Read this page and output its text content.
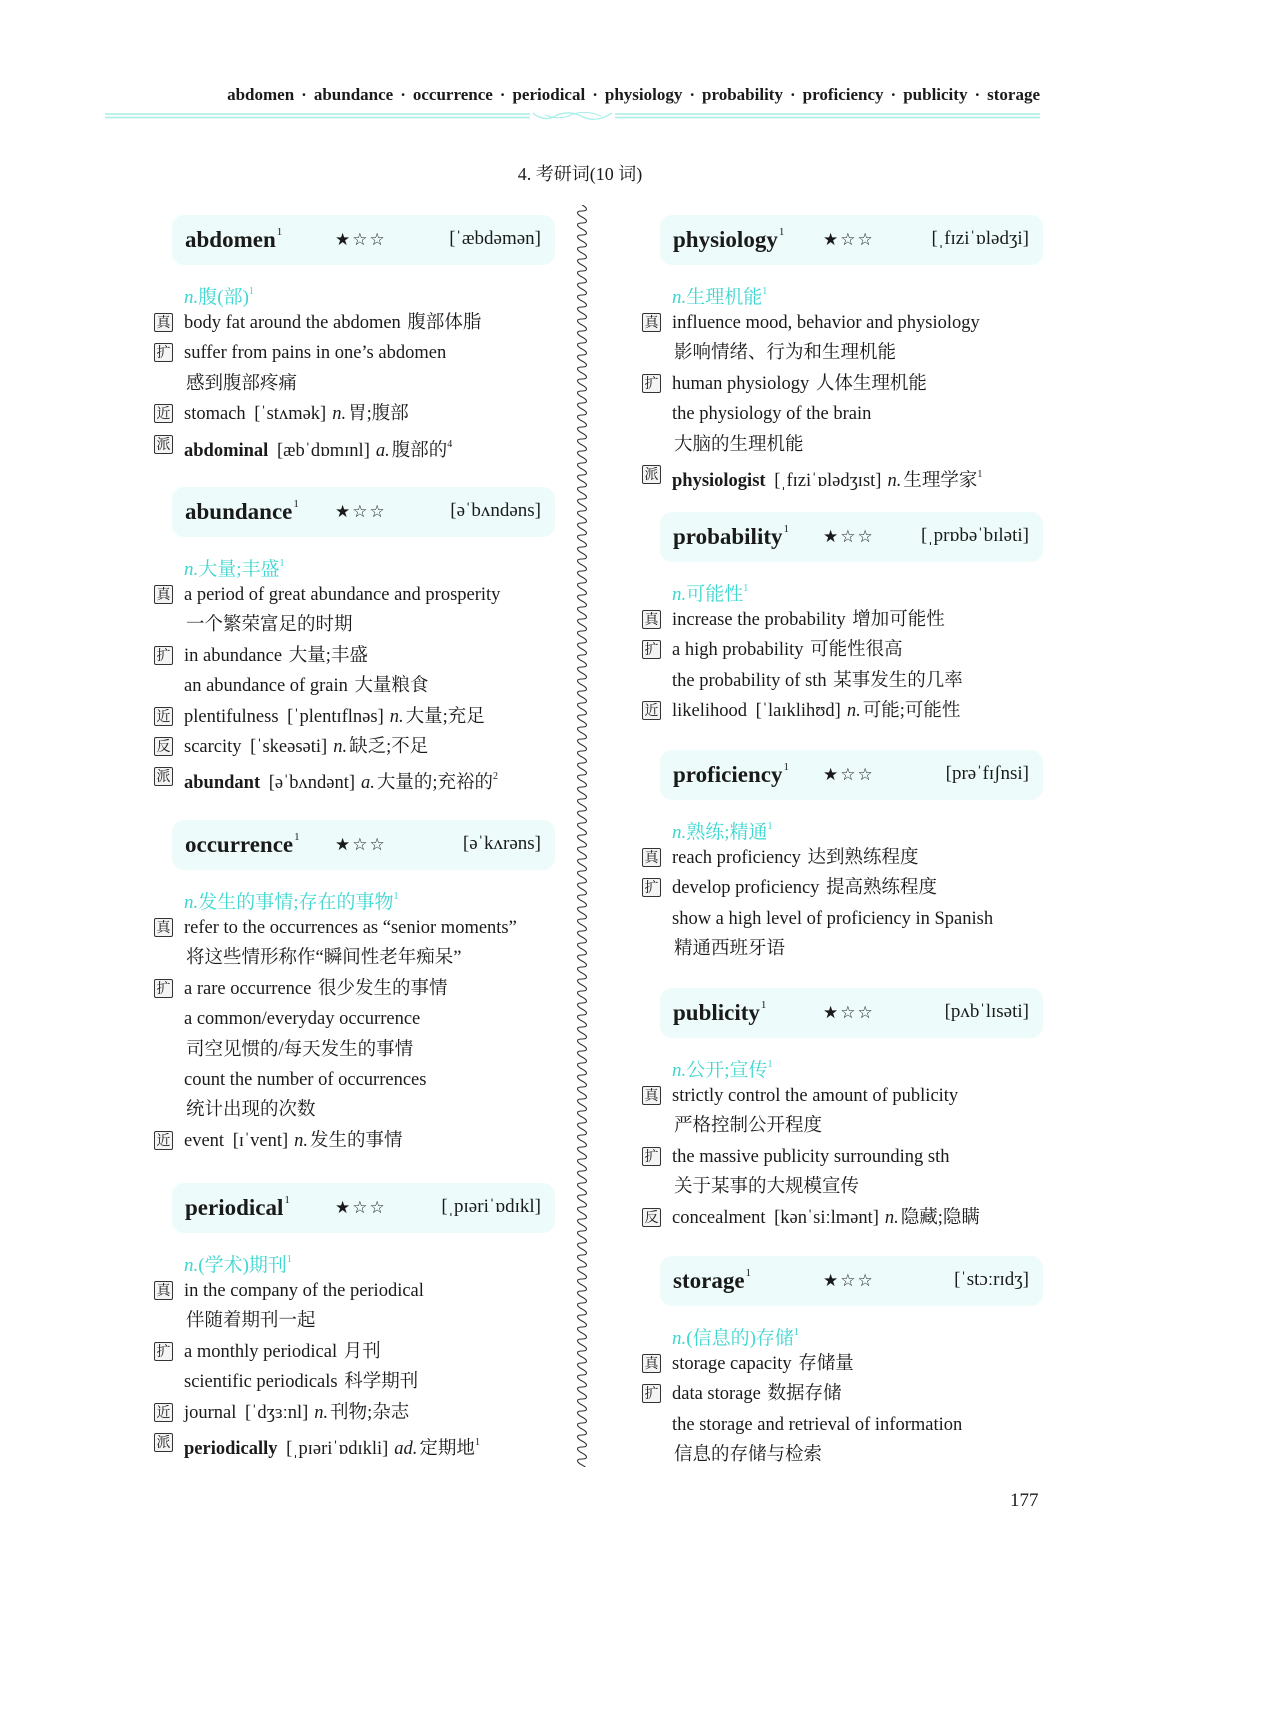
abdomen · abundance · occurrence · periodical · physiology · probability · proficiency · publicity · storage
4. 考研词(10 词)
abdomen$^1$	★☆☆	[ˈæbdəmən]
n.腹(部)$^1$
真 body fat around the abdomen 腹部体脂
扩 suffer from pains in one’s abdomen
感到腹部疼痛
近 stomach [ˈstʌmək] n. 胃;腹部
派 abdominal [æbˈdɒmɪnl] a. 腹部的$^4$
abundance$^1$ ★☆☆	[əˈbʌndəns]
n.大量;丰盛$^1$
真 a period of great abundance and prosperity
一个繁荣富足的时期
扩 in abundance 大量;丰盛
an abundance of grain 大量粮食
近 plentifulness [ˈplentɪflnəs] n. 大量;充足
反 scarcity [ˈskeəsəti] n. 缺乏;不足
派 abundant [əˈbʌndənt] a. 大量的;充裕的$^2$
occurrence$^1$ ★☆☆	[əˈkʌrəns]
n.发生的事情;存在的事物$^1$
真 refer to the occurrences as “senior moments”
将这些情形称作“瞬间性老年痴呆”
扩 a rare occurrence 很少发生的事情
a common/everyday occurrence
司空见惯的/每天发生的事情
count the number of occurrences
统计出现的次数
近 event [ɪˈvent] n. 发生的事情
periodical$^1$	★☆☆	[ˌpɪəriˈɒdɪkl]
n.(学术)期刊$^1$
真 in the company of the periodical
伴随着期刊一起
扩 a monthly periodical 月刊
scientific periodicals 科学期刊
近 journal [ˈdʒɜːnl] n. 刊物;杂志
派 periodically [ˌpɪəriˈɒdɪkli] ad. 定期地$^1$
physiology$^1$ ★☆☆	[ˌfɪziˈɒlədʒi]
n.生理机能$^1$
真 influence mood, behavior and physiology
影响情绪、行为和生理机能
扩 human physiology 人体生理机能
the physiology of the brain
大脑的生理机能
派 physiologist [ˌfɪziˈɒlədʒɪst] n. 生理学家$^1$
probability$^1$ ★☆☆ [ˌprɒbəˈbɪləti]
n.可能性$^1$
真 increase the probability 增加可能性
扩 a high probability 可能性很高
the probability of sth 某事发生的几率
近 likelihood [ˈlaɪklihʊd] n. 可能;可能性
proficiency$^1$ ★☆☆	[prəˈfɪʃnsi]
n.熟练;精通$^1$
真 reach proficiency 达到熟练程度
扩 develop proficiency 提高熟练程度
show a high level of proficiency in Spanish
精通西班牙语
publicity$^1$	★☆☆	[pʌbˈlɪsəti]
n.公开;宣传$^1$
真 strictly control the amount of publicity
严格控制公开程度
扩 the massive publicity surrounding sth
关于某事的大规模宣传
反 concealment [kənˈsiːlmənt] n. 隐藏;隐瞒
storage$^1$	★☆☆	[ˈstɔːrɪdʒ]
n.(信息的)存储$^1$
真 storage capacity 存储量
扩 data storage 数据存储
the storage and retrieval of information
信息的存储与检索
177
